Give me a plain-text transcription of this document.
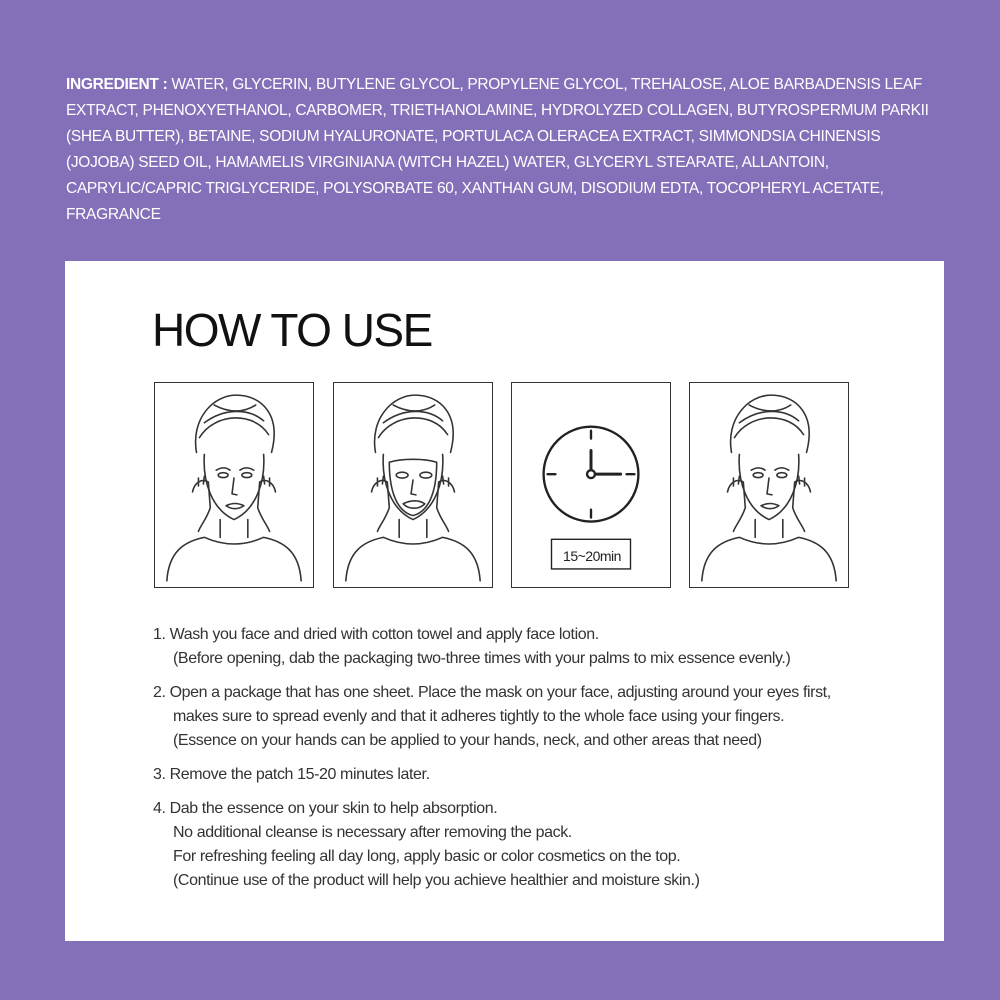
INGREDIENT : WATER, GLYCERIN, BUTYLENE GLYCOL, PROPYLENE GLYCOL, TREHALOSE, ALOE BARBADENSIS LEAF EXTRACT, PHENOXYETHANOL, CARBOMER, TRIETHANOLAMINE, HYDROLYZED COLLAGEN, BUTYROSPERMUM PARKII (SHEA BUTTER), BETAINE, SODIUM HYALURONATE, PORTULACA OLERACEA EXTRACT, SIMMONDSIA CHINENSIS (JOJOBA) SEED OIL, HAMAMELIS VIRGINIANA (WITCH HAZEL) WATER, GLYCERYL STEARATE, ALLANTOIN, CAPRYLIC/CAPRIC TRIGLYCERIDE, POLYSORBATE 60, XANTHAN GUM, DISODIUM EDTA, TOCOPHERYL ACETATE, FRAGRANCE
HOW TO USE
15~20min
1. Wash you face and dried with cotton towel and apply face lotion.
(Before opening, dab the packaging two-three times with your palms to mix essence evenly.)
2. Open a package that has one sheet. Place the mask on your face, adjusting around your eyes first,
makes sure to spread evenly and that it adheres tightly to the whole face using your fingers.
(Essence on your hands can be applied to your hands, neck, and other areas that need)
3. Remove the patch 15-20 minutes later.
4. Dab the essence on your skin to help absorption.
No additional cleanse is necessary after removing the pack.
For refreshing feeling all day long, apply basic or color cosmetics on the top.
(Continue use of the product will help you achieve healthier and moisture skin.)
